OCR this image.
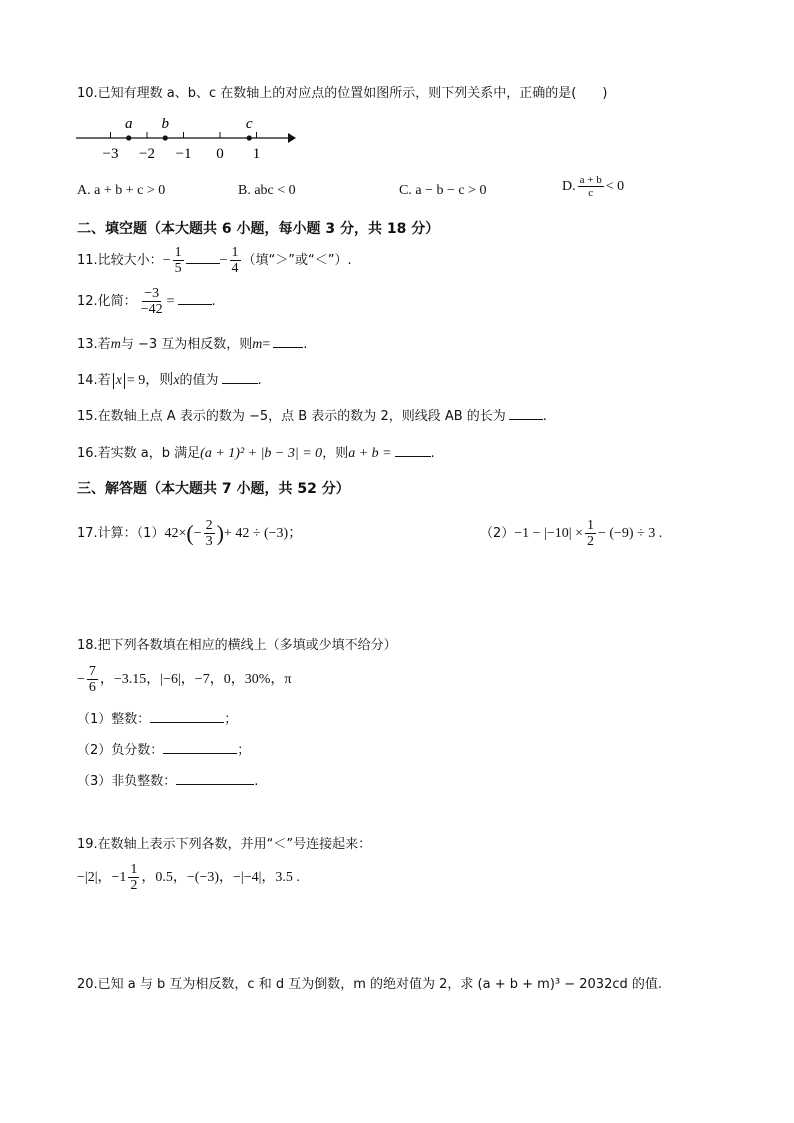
10.已知有理数 a、b、c 在数轴上的对应点的位置如图所示，则下列关系中，正确的是(　　)
−3 −2 −1 0 1
a b	c
A. a + b + c > 0	B. abc < 0	C. a − b − c > 0	D. $\frac{a + b}{c} < 0$
二、填空题（本大题共 6 小题，每小题 3 分，共 18 分）
11.比较大小：− $\frac{1}{5}$	− $\frac{1}{4}$ （填“＞”或“＜”）.
12.化简： $\frac{-3}{-42}$ =	.
13.若m与 −3 互为相反数，则m=	.
14.若 x = 9，则x的值为	.
15.在数轴上点 A 表示的数为 −5，点 B 表示的数为 2，则线段 AB 的长为	.
16.若实数 a，b 满足(a + 1)² + |b − 3| = 0，则a + b =	.
三、解答题（本大题共 7 小题，共 52 分）
17.计算：$(1)42\times(- \frac{2}{3}$ )+ 42 ÷ (−3)；	$(2)-1 - |-10| \times \frac{1}{2} - (-9) \div 3$ .
18.把下列各数填在相应的横线上（多填或少填不给分）
− $\frac{7}{6}$ ，−3.15，|−6|，−7，0，30%，π
（1）整数：	；
（2）负分数：	；
（3）非负整数：	.
19.在数轴上表示下列各数，并用“＜”号连接起来：
−|2|，$-1 \frac{1}{2}$ ，0.5，−(−3)，−|−4|，3.5 .
20.已知 a 与 b 互为相反数，c 和 d 互为倒数，m 的绝对值为 2，求 (a + b + m)³ − 2032cd 的值.
